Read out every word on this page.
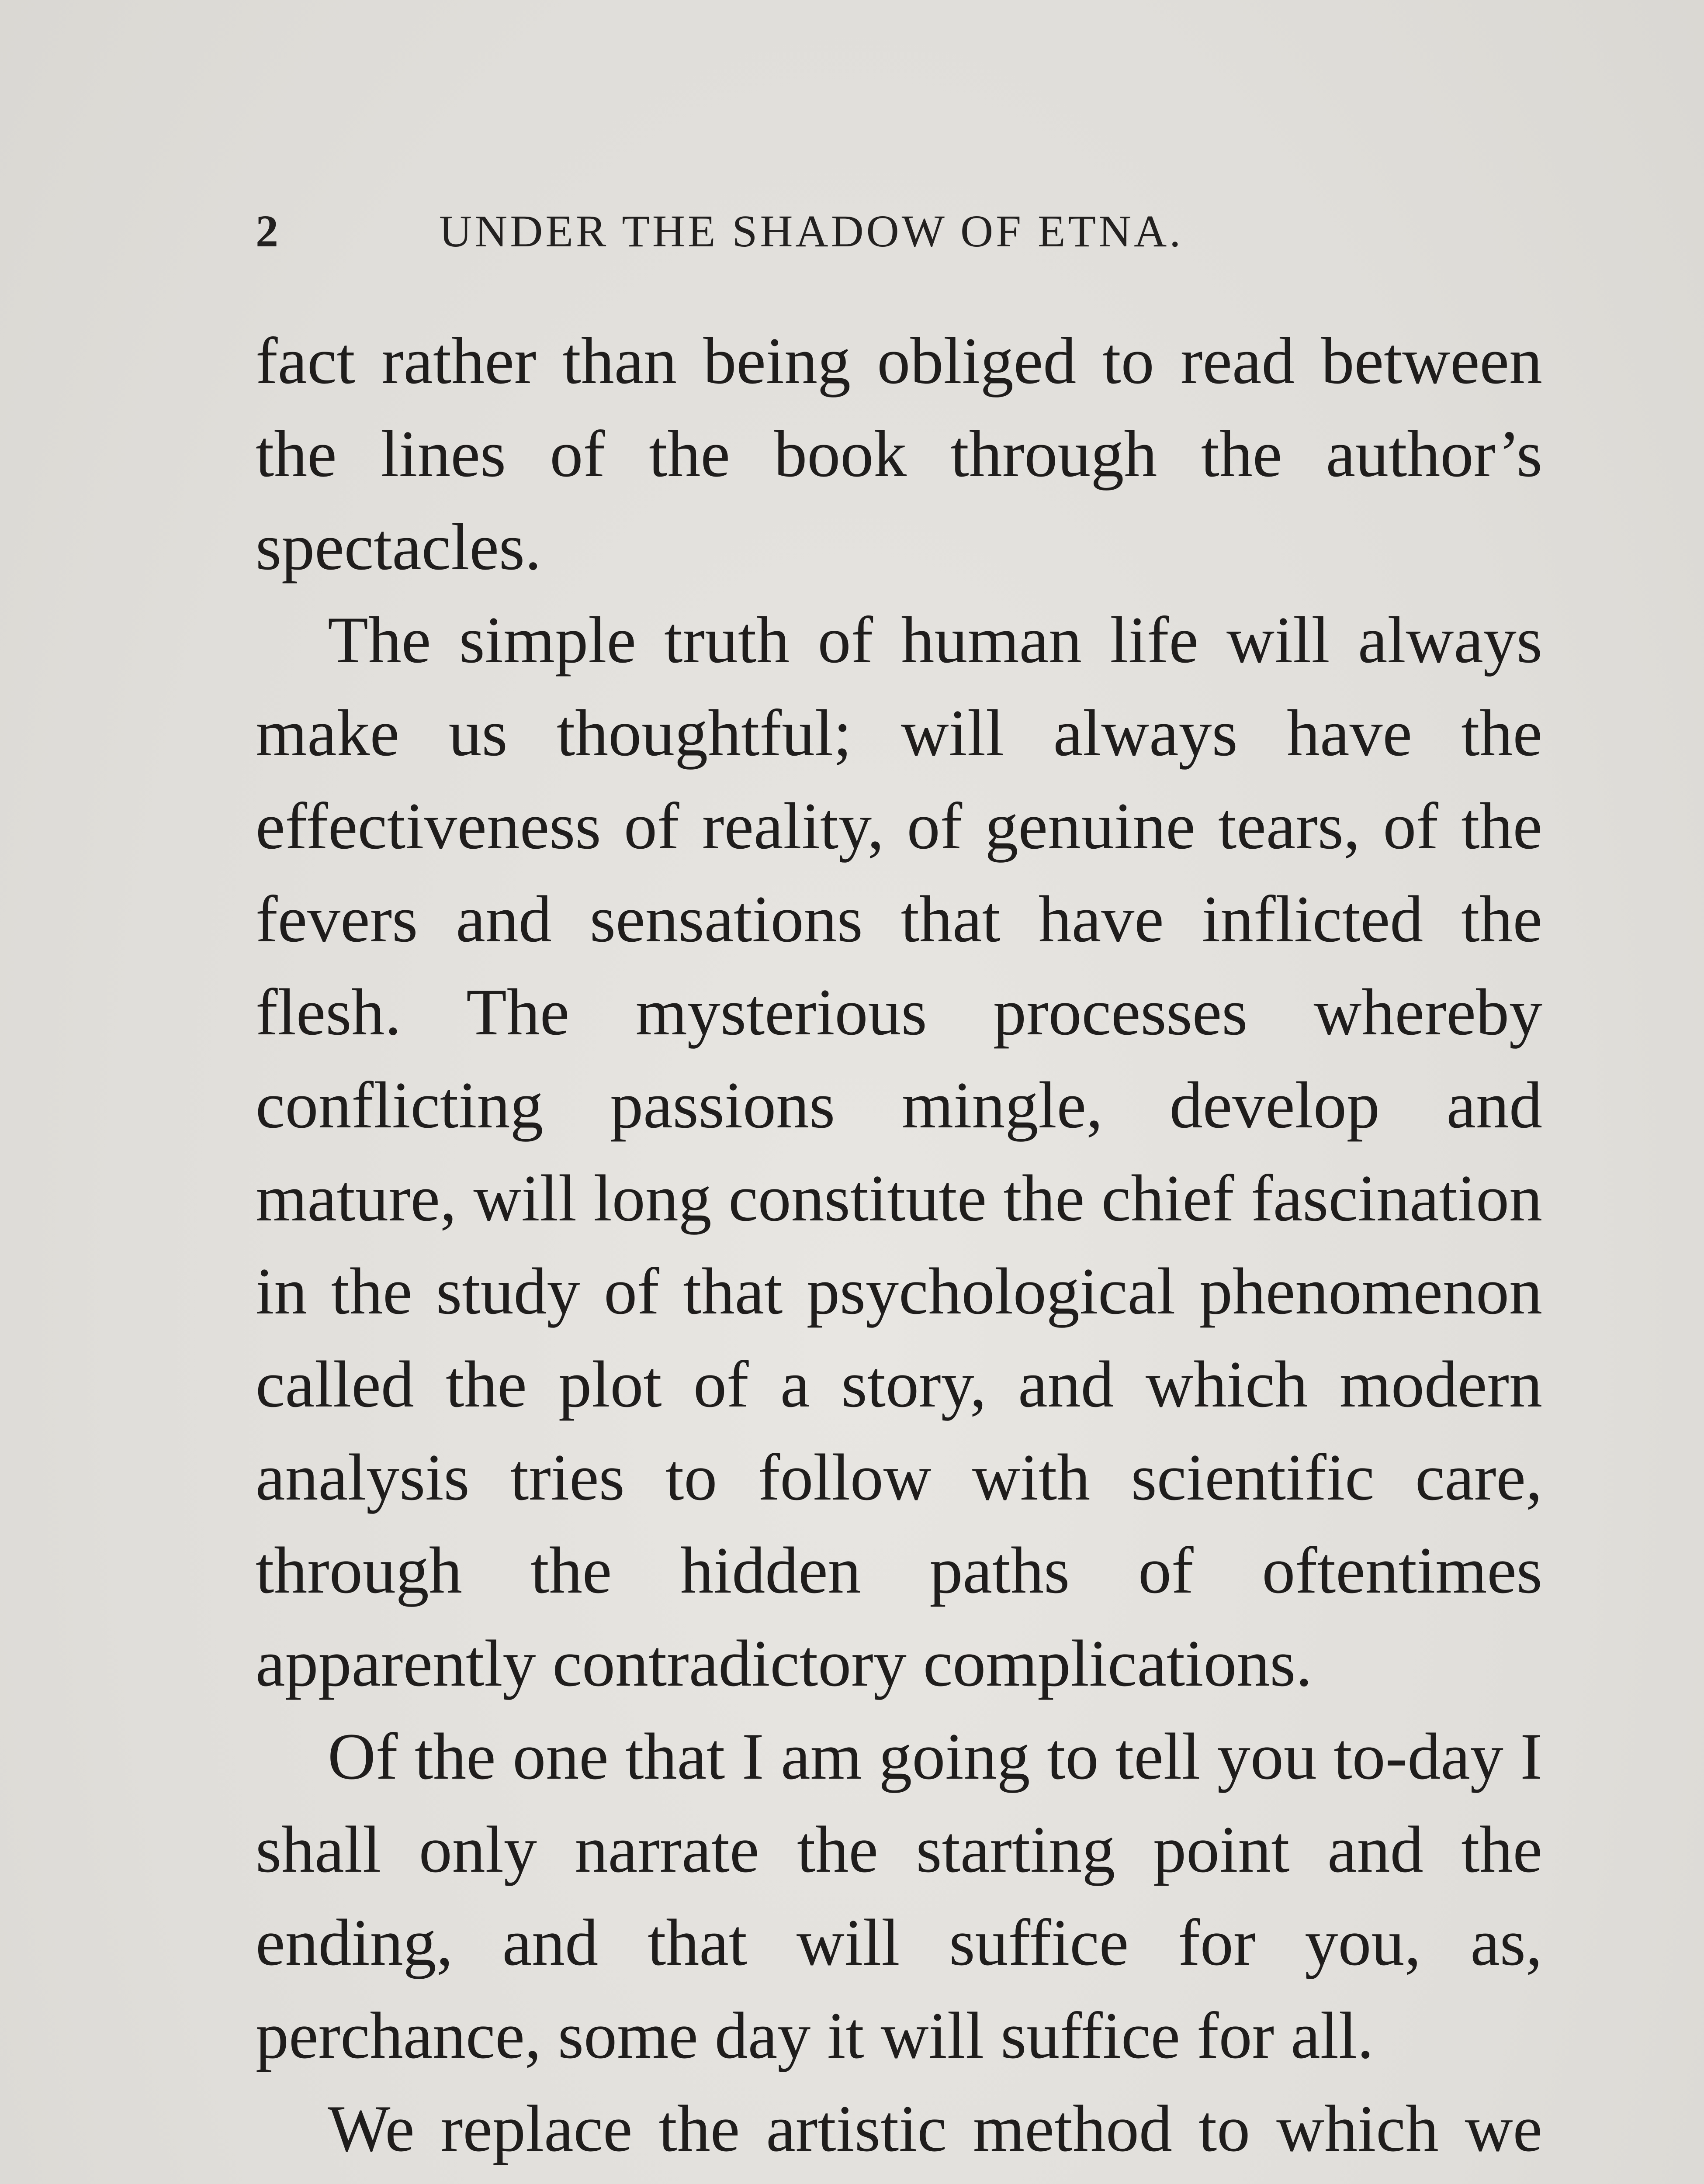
2	UNDER THE SHADOW OF ETNA.

fact rather than being obliged to read between the lines of the book through the author’s spectacles.

The simple truth of human life will always make us thoughtful; will always have the effectiveness of reality, of genuine tears, of the fevers and sensations that have inflicted the flesh. The mysterious processes whereby conflicting passions mingle, develop and mature, will long constitute the chief fascination in the study of that psychological phenomenon called the plot of a story, and which modern analysis tries to follow with scientific care, through the hidden paths of oftentimes apparently contradictory complications.

Of the one that I am going to tell you to-day I shall only narrate the starting point and the ending, and that will suffice for you, as, perchance, some day it will suffice for all.

We replace the artistic method to which we
